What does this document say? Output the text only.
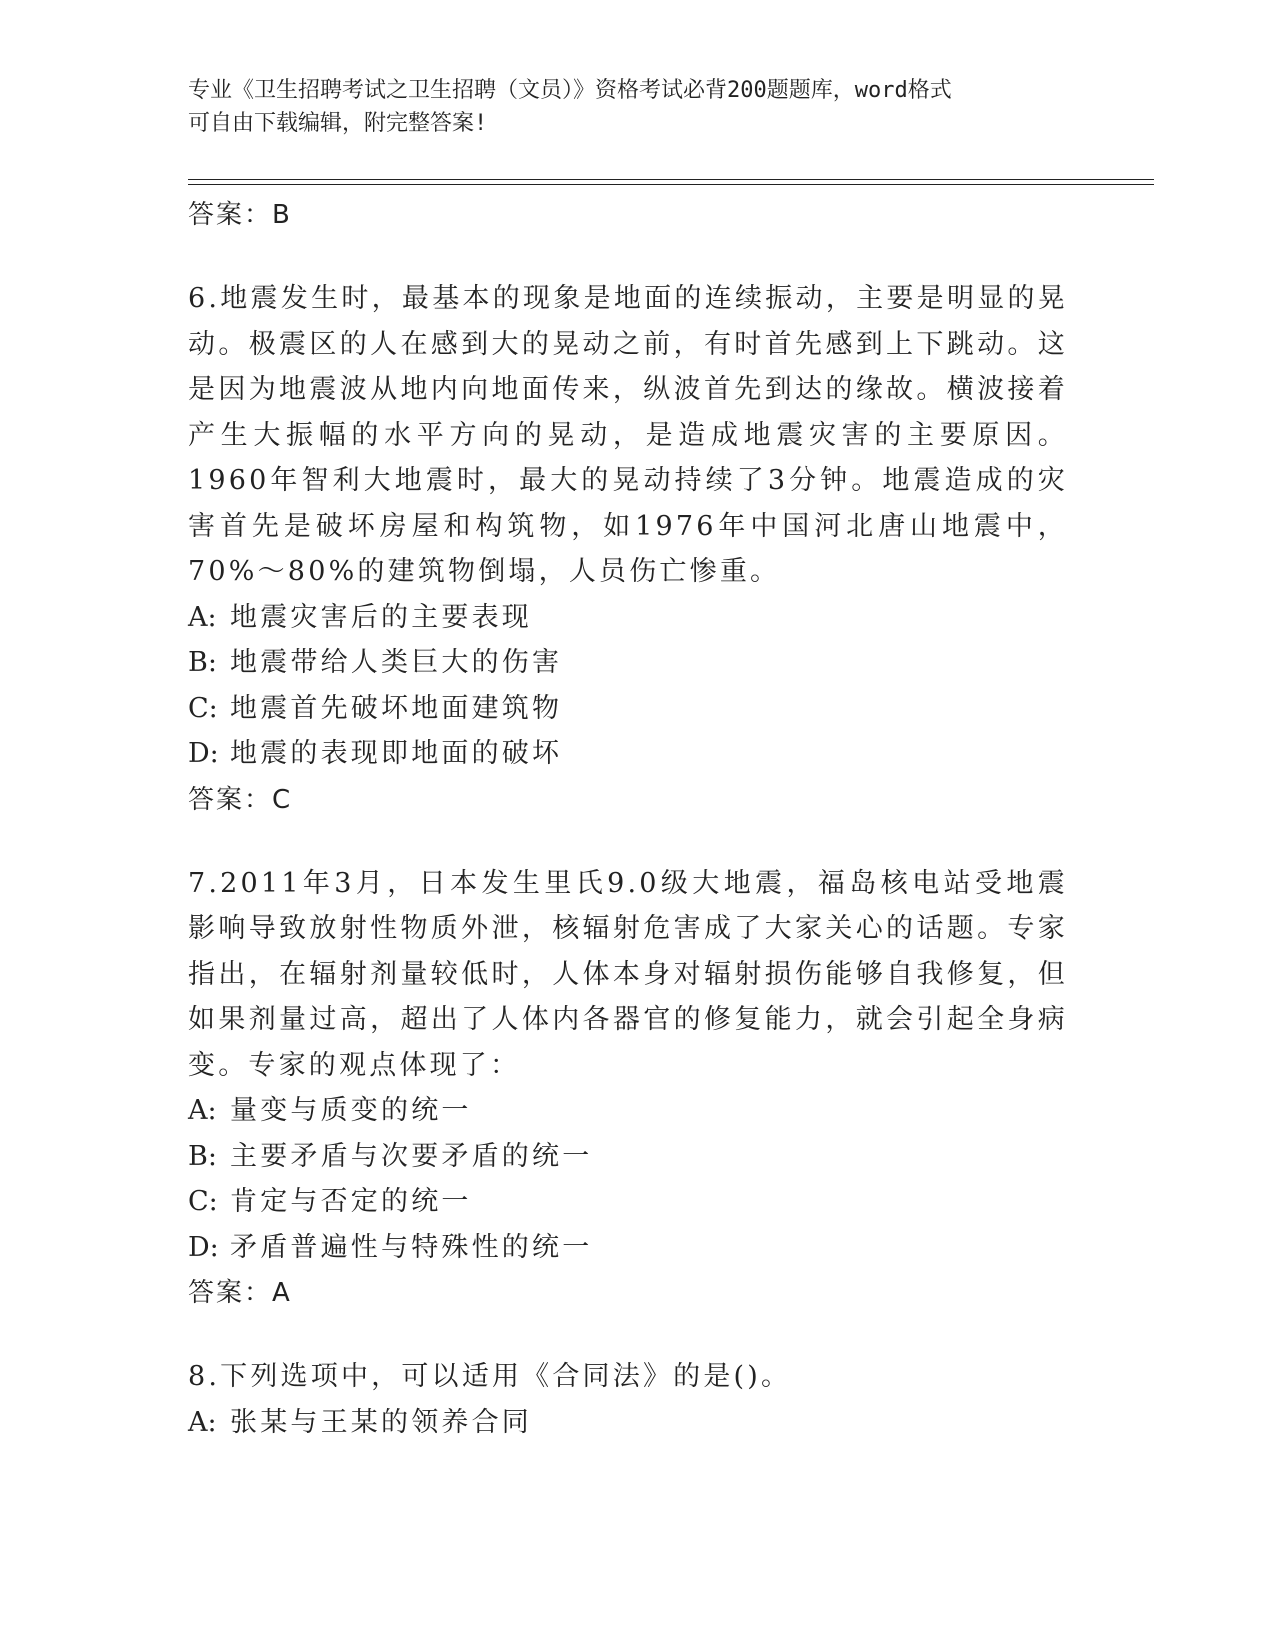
专业《卫生招聘考试之卫生招聘（文员）》资格考试必背200题题库，word格式
可自由下载编辑，附完整答案!
答案：B

6.地震发生时，最基本的现象是地面的连续振动，主要是明显的晃动。极震区的人在感到大的晃动之前，有时首先感到上下跳动。这是因为地震波从地内向地面传来，纵波首先到达的缘故。横波接着产生大振幅的水平方向的晃动，是造成地震灾害的主要原因。1960年智利大地震时，最大的晃动持续了3分钟。地震造成的灾害首先是破坏房屋和构筑物，如1976年中国河北唐山地震中，70%～80%的建筑物倒塌，人员伤亡惨重。

A: 地震灾害后的主要表现
B: 地震带给人类巨大的伤害
C: 地震首先破坏地面建筑物
D: 地震的表现即地面的破坏
答案：C

7.2011年3月，日本发生里氏9.0级大地震，福岛核电站受地震影响导致放射性物质外泄，核辐射危害成了大家关心的话题。专家指出，在辐射剂量较低时，人体本身对辐射损伤能够自我修复，但如果剂量过高，超出了人体内各器官的修复能力，就会引起全身病变。专家的观点体现了：

A: 量变与质变的统一
B: 主要矛盾与次要矛盾的统一
C: 肯定与否定的统一
D: 矛盾普遍性与特殊性的统一
答案：A

8.下列选项中，可以适用《合同法》的是()。

A: 张某与王某的领养合同
